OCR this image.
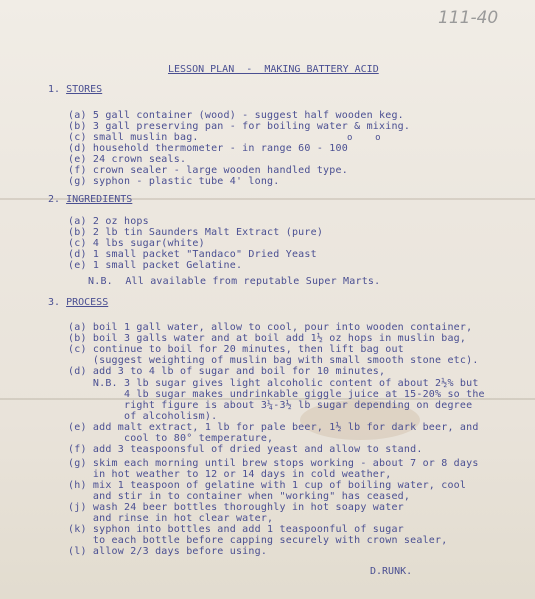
111-40
LESSON PLAN  -  MAKING BATTERY ACID
1. STORES
(a) 5 gall container (wood) - suggest half wooden keg.
(b) 3 gall preserving pan - for boiling water & mixing.
(c) small muslin bag.	o    o
(d) household thermometer - in range 60 - 100
(e) 24 crown seals.
(f) crown sealer - large wooden handled type.
(g) syphon - plastic tube 4' long.
2. INGREDIENTS
(a) 2 oz hops
(b) 2 lb tin Saunders Malt Extract (pure)
(c) 4 lbs sugar(white)
(d) 1 small packet "Tandaco" Dried Yeast
(e) 1 small packet Gelatine.
N.B.  All available from reputable Super Marts.
3. PROCESS
(a) boil 1 gall water, allow to cool, pour into wooden container,
(b) boil 3 galls water and at boil add 1½ oz hops in muslin bag,
(c) continue to boil for 20 minutes, then lift bag out
(suggest weighting of muslin bag with small smooth stone etc).
(d) add 3 to 4 lb of sugar and boil for 10 minutes,
N.B. 3 lb sugar gives light alcoholic content of about 2½% but
4 lb sugar makes undrinkable giggle juice at 15-20% so the
right figure is about 3¼-3½ lb sugar depending on degree
of alcoholism).
(e) add malt extract, 1 lb for pale beer, 1½ lb for dark beer, and
cool to 80° temperature,
(f) add 3 teaspoonsful of dried yeast and allow to stand.
(g) skim each morning until brew stops working - about 7 or 8 days
in hot weather to 12 or 14 days in cold weather,
(h) mix 1 teaspoon of gelatine with 1 cup of boiling water, cool
and stir in to container when "working" has ceased,
(j) wash 24 beer bottles thoroughly in hot soapy water
and rinse in hot clear water,
(k) syphon into bottles and add 1 teaspoonful of sugar
to each bottle before capping securely with crown sealer,
(l) allow 2/3 days before using.
D.RUNK.
